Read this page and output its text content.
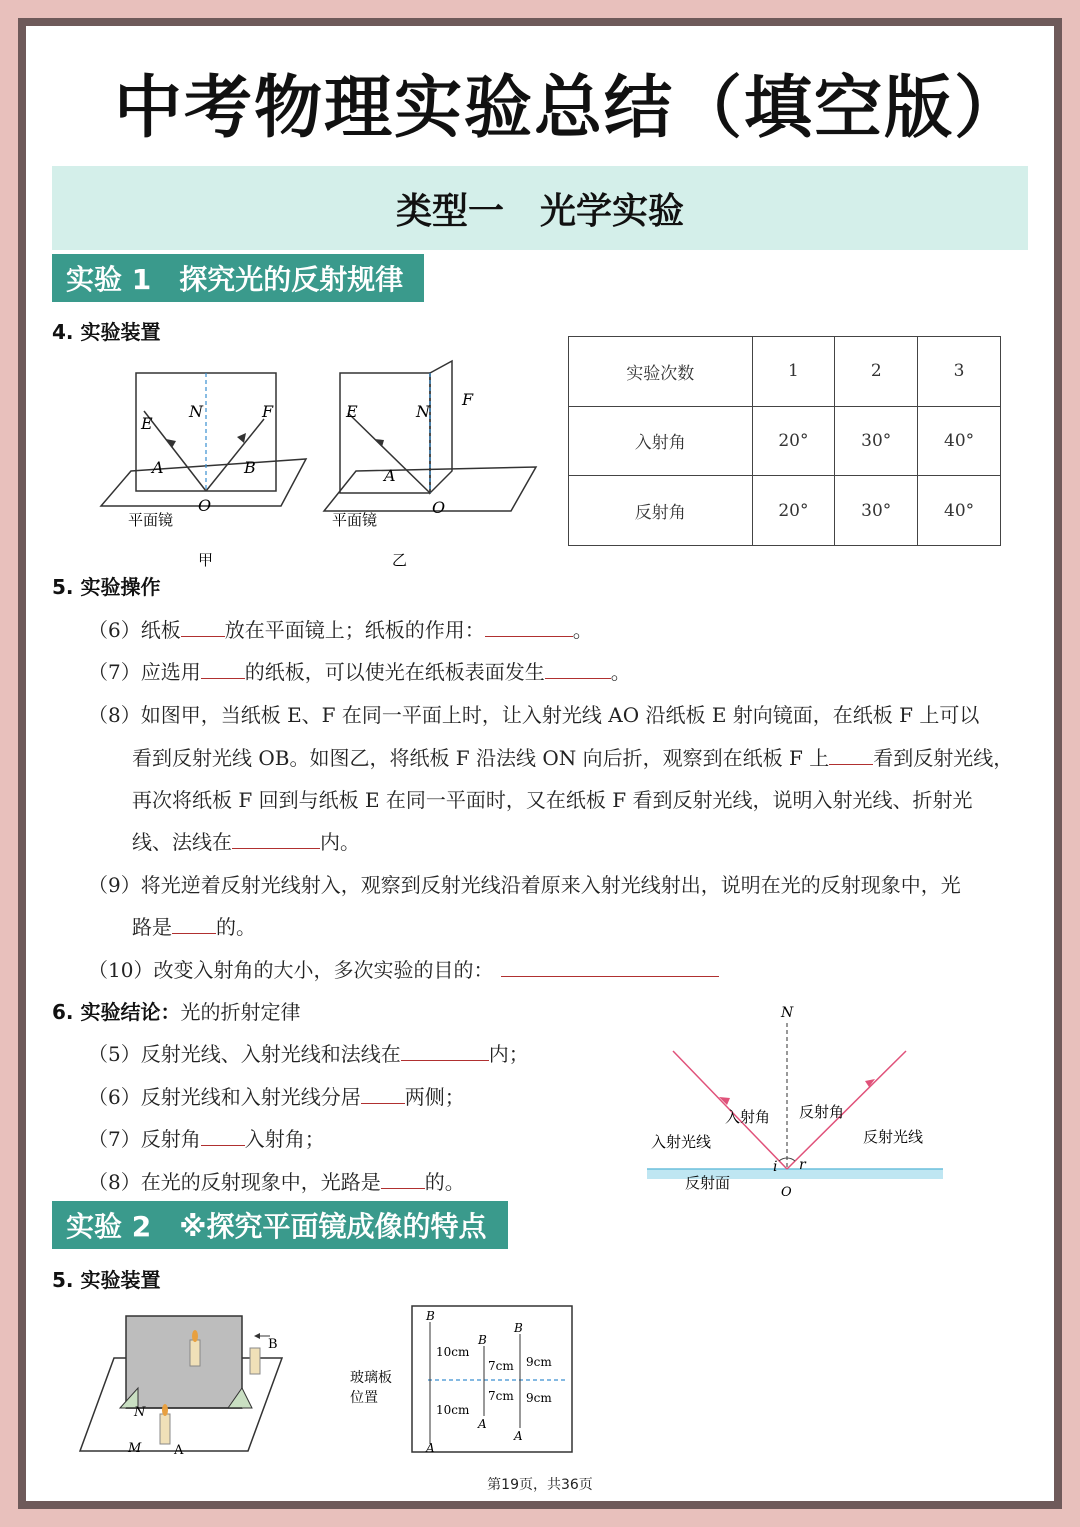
中考物理实验总结（填空版）
类型一　光学实验
实验 1　探究光的反射规律
4. 实验装置
E
N	F
A	B
O
平面镜
甲
E	N
F
A
O
平面镜
乙
实验次数	1	2	3
入射角	20°	30°	40°
反射角	20°	30°	40°
5. 实验操作
（6）纸板 放在平面镜上；纸板的作用：	。
（7）应选用 的纸板，可以使光在纸板表面发生	。
（8）如图甲，当纸板 E、F 在同一平面上时，让入射光线 AO 沿纸板 E 射向镜面，在纸板 F 上可以
看到反射光线 OB。如图乙，将纸板 F 沿法线 ON 向后折，观察到在纸板 F 上 看到反射光线，
再次将纸板 F 回到与纸板 E 在同一平面时，又在纸板 F 看到反射光线，说明入射光线、折射光
线、法线在	内。
（9）将光逆着反射光线射入，观察到反射光线沿着原来入射光线射出，说明在光的反射现象中，光
路是 的。
（10）改变入射角的大小，多次实验的目的：
6. 实验结论：光的折射定律
（5）反射光线、入射光线和法线在	内；
（6）反射光线和入射光线分居 两侧；
（7）反射角 入射角；
（8）在光的反射现象中，光路是 的。
N
入射角 反射角
入射光线	反射光线
反射面
i r
O
实验 2　※探究平面镜成像的特点
5. 实验装置
B
N
M	A
玻璃板
位置
B
B
B
A
A
A
10cm
7cm 9cm
7cm 9cm
10cm
第19页，共36页
